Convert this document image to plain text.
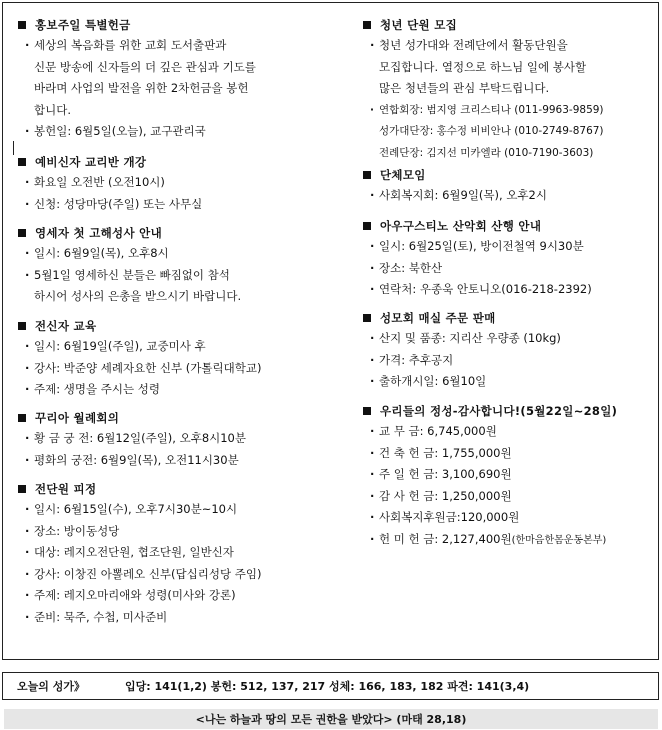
홍보주일 특별헌금
· 세상의 복음화를 위한 교회 도서출판과
신문 방송에 신자들의 더 깊은 관심과 기도를
바라며 사업의 발전을 위한 2차헌금을 봉헌
합니다.
· 봉헌일: 6월5일(오늘), 교구관리국
예비신자 교리반 개강
· 화요일 오전반 (오전10시)
· 신청: 성당마당(주일) 또는 사무실
영세자 첫 고해성사 안내
· 일시: 6월9일(목), 오후8시
· 5월1일 영세하신 분들은 빠짐없이 참석
하시어 성사의 은총을 받으시기 바랍니다.
전신자 교육
· 일시: 6월19일(주일), 교중미사 후
· 강사: 박준양 세례자요한 신부 (가톨릭대학교)
· 주제: 생명을 주시는 성령
꾸리아 월례회의
· 황 금 궁 전: 6월12일(주일), 오후8시10분
· 평화의 궁전: 6월9일(목), 오전11시30분
전단원 피정
· 일시: 6월15일(수), 오후7시30분~10시
· 장소: 방이동성당
· 대상: 레지오전단원, 협조단원, 일반신자
· 강사: 이창진 아뽈레오 신부(답십리성당 주임)
· 주제: 레지오마리애와 성령(미사와 강론)
· 준비: 묵주, 수첩, 미사준비
청년 단원 모집
· 청년 성가대와 전례단에서 활동단원을
모집합니다. 열정으로 하느님 일에 봉사할
많은 청년들의 관심 부탁드립니다.
· 연합회장: 범지영 크리스티나 (011-9963-9859)
성가대단장: 홍수정 비비안나 (010-2749-8767)
전례단장: 김지선 미카엘라 (010-7190-3603)
단체모임
· 사회복지회: 6월9일(목), 오후2시
아우구스티노 산악회 산행 안내
· 일시: 6월25일(토), 방이전철역 9시30분
· 장소: 북한산
· 연락처: 우종욱 안토니오(016-218-2392)
성모회 매실 주문 판매
· 산지 및 품종: 지리산 우량종 (10kg)
· 가격: 추후공지
· 출하개시일: 6월10일
우리들의 정성-감사합니다!(5월22일~28일)
· 교 무 금: 6,745,000원
· 건 축 헌 금: 1,755,000원
· 주 일 헌 금: 3,100,690원
· 감 사 헌 금: 1,250,000원
· 사회복지후원금:120,000원
· 헌 미 헌 금: 2,127,400원(한마음한몸운동본부)
오늘의 성가》	입당: 141(1,2) 봉헌: 512, 137, 217 성체: 166, 183, 182 파견: 141(3,4)
<나는 하늘과 땅의 모든 권한을 받았다> (마태 28,18)
